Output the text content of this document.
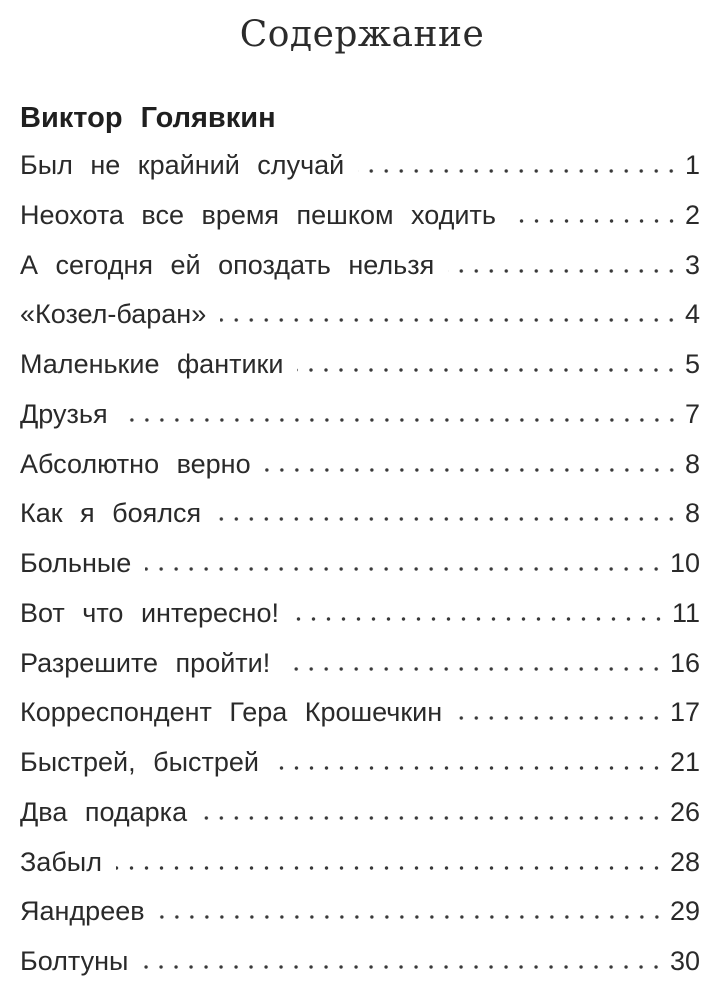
Содержание
Виктор Голявкин
Был не крайний случай	1
Неохота все время пешком ходить	2
А сегодня ей опоздать нельзя	3
«Козел-баран»	4
Маленькие фантики	5
Друзья	7
Абсолютно верно	8
Как я боялся	8
Больные	10
Вот что интересно!	11
Разрешите пройти!	16
Корреспондент Гера Крошечкин	17
Быстрей, быстрей	21
Два подарка	26
Забыл	28
Яандреев	29
Болтуны	30
